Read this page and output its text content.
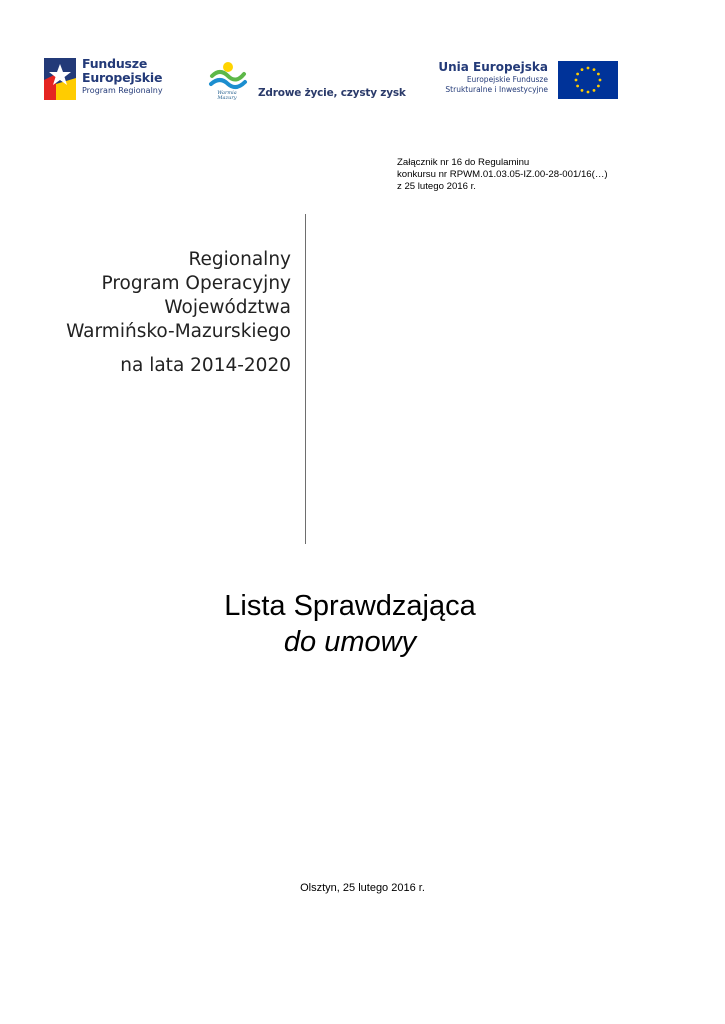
Fundusze
Europejskie
Program Regionalny	Warmia Mazury	Zdrowe życie, czysty zysk
Unia Europejska
Europejskie Fundusze
Strukturalne i Inwestycyjne
Załącznik nr 16 do Regulaminu
konkursu nr RPWM.01.03.05-IZ.00-28-001/16(…)
z 25 lutego 2016 r.
Regionalny
Program Operacyjny
Województwa
Warmińsko-Mazurskiego
na lata 2014-2020
Lista Sprawdzająca
do umowy
Olsztyn, 25 lutego 2016 r.
